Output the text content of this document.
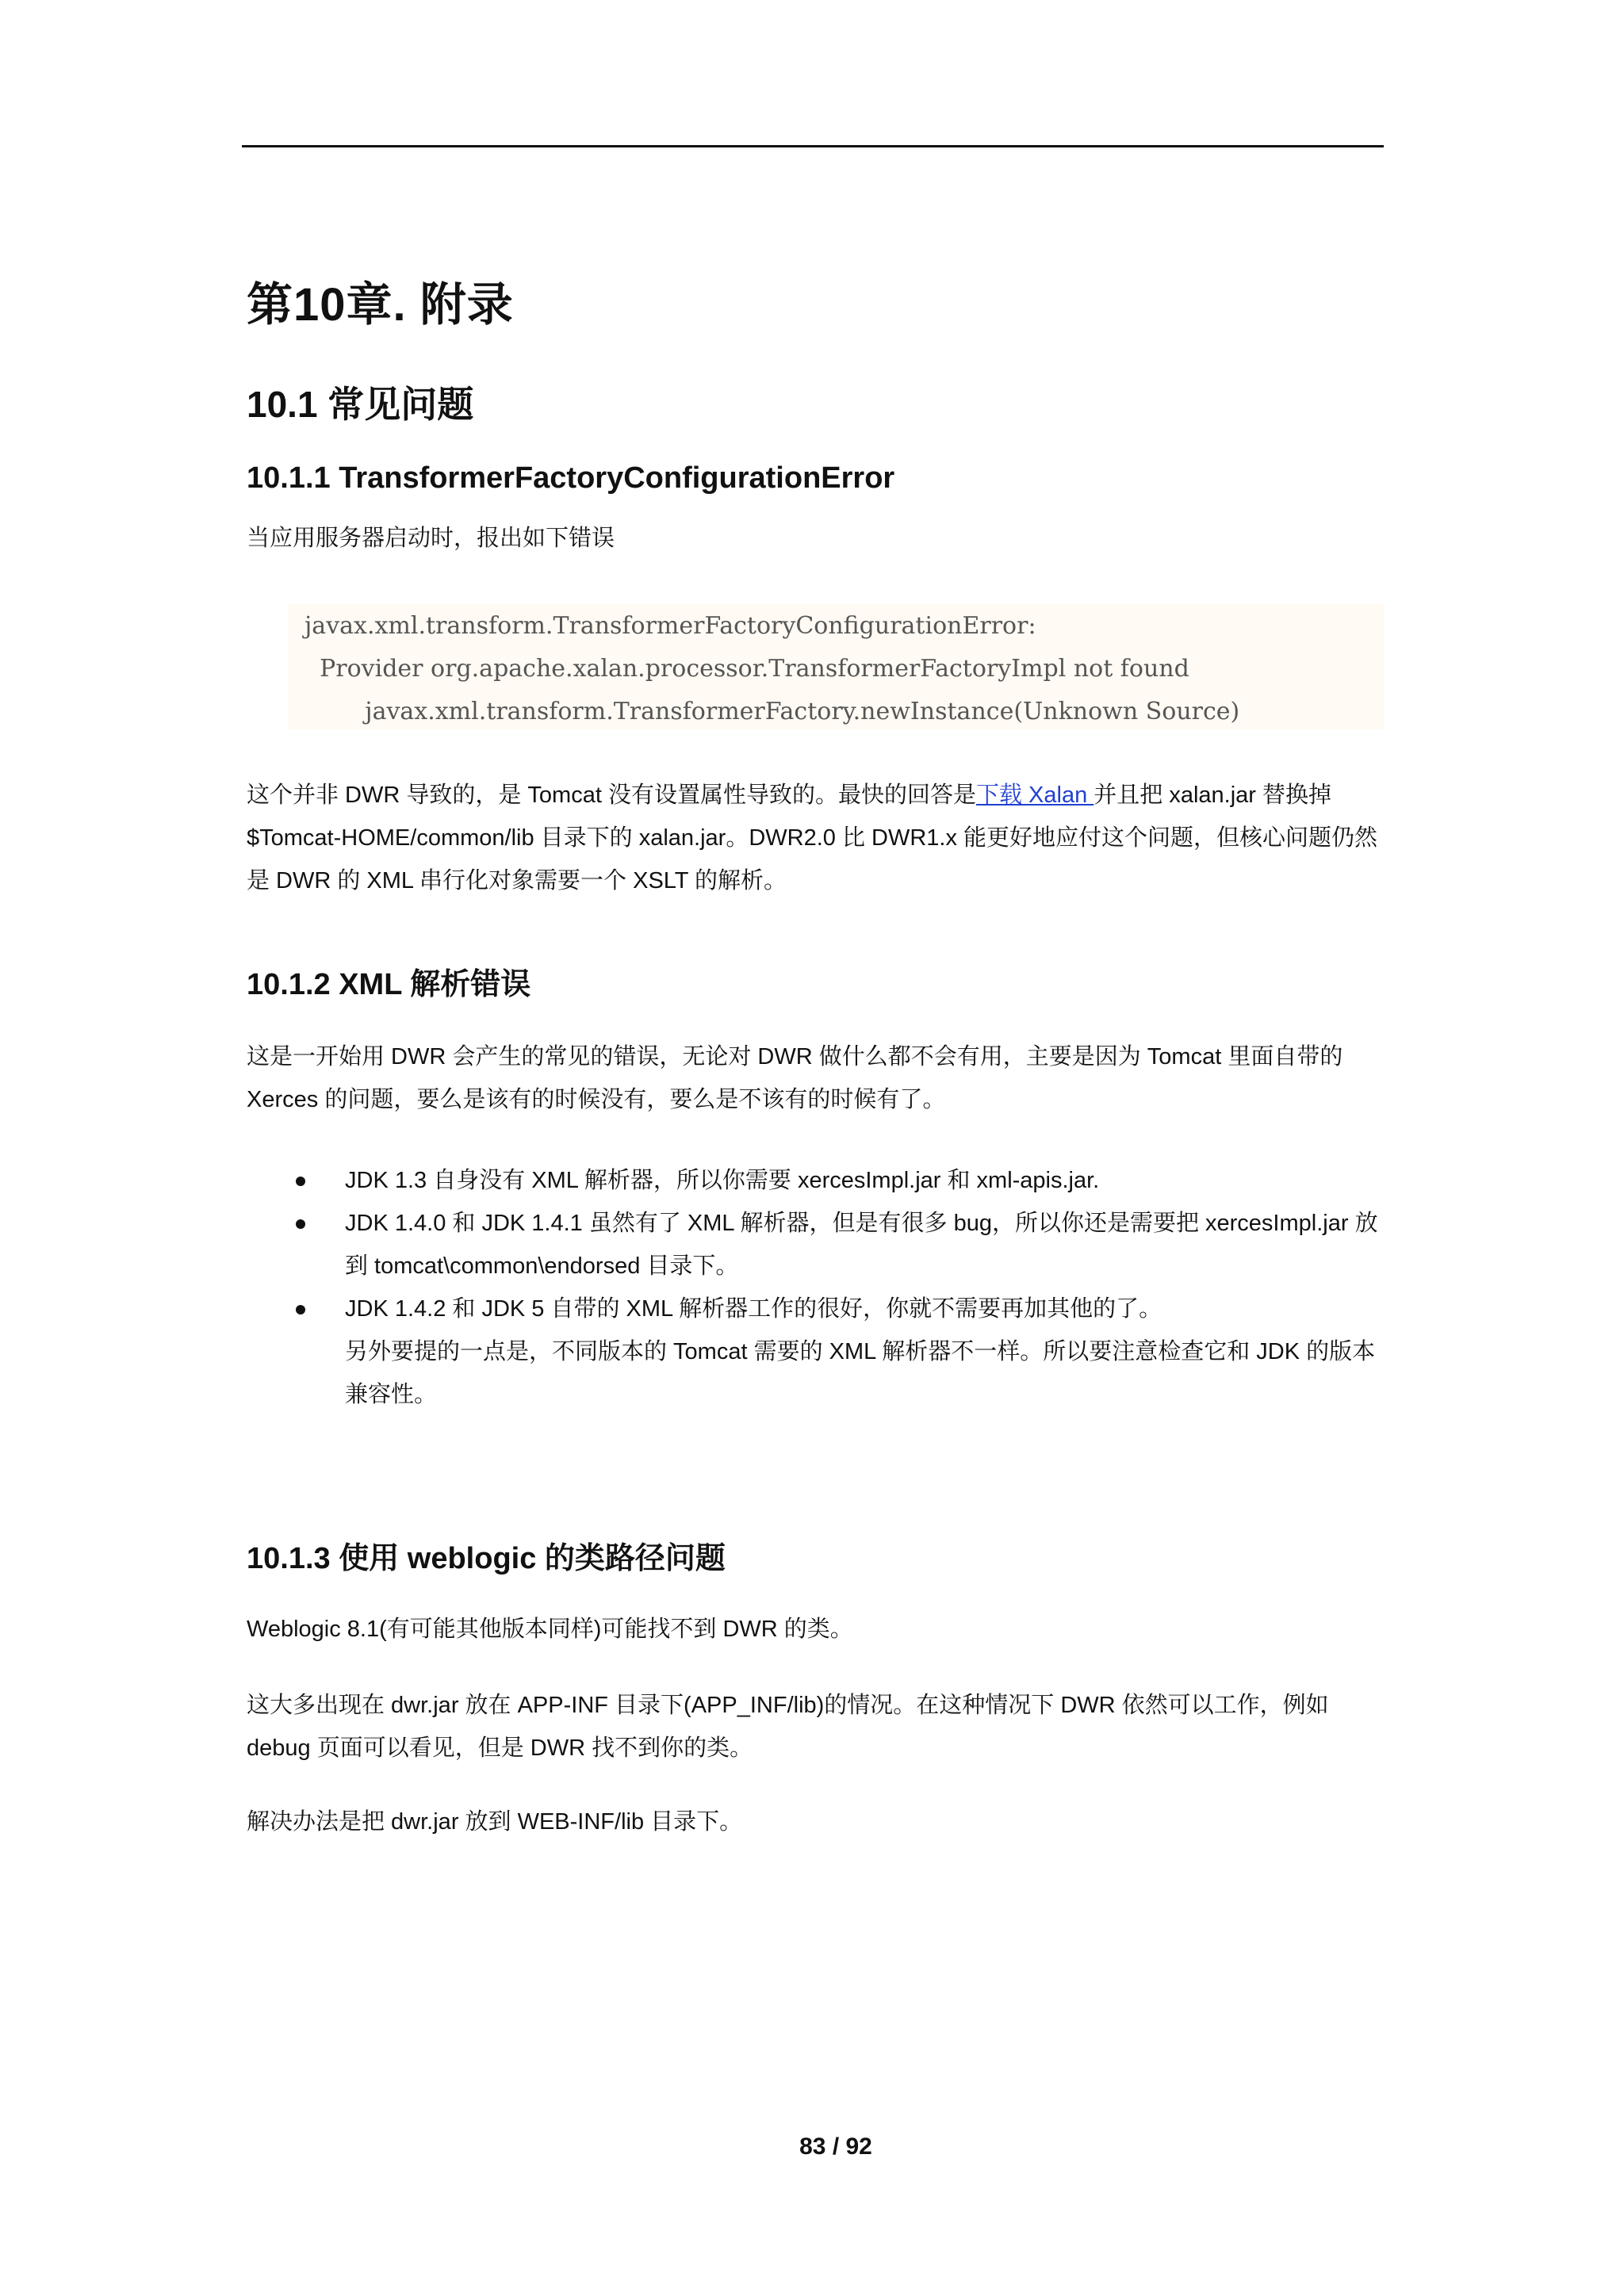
第10章. 附录
10.1 常见问题
10.1.1 TransformerFactoryConfigurationError

当应用服务器启动时，报出如下错误

javax.xml.transform.TransformerFactoryConfigurationError:
Provider org.apache.xalan.processor.TransformerFactoryImpl not found
javax.xml.transform.TransformerFactory.newInstance(Unknown Source)

这个并非 DWR 导致的，是 Tomcat 没有设置属性导致的。最快的回答是下载 Xalan 并且把 xalan.jar 替换掉 $Tomcat-HOME/common/lib 目录下的 xalan.jar。DWR2.0 比 DWR1.x 能更好地应付这个问题，但核心问题仍然是 DWR 的 XML 串行化对象需要一个 XSLT 的解析。

10.1.2 XML 解析错误

这是一开始用 DWR 会产生的常见的错误，无论对 DWR 做什么都不会有用，主要是因为 Tomcat 里面自带的 Xerces 的问题，要么是该有的时候没有，要么是不该有的时候有了。

JDK 1.3 自身没有 XML 解析器，所以你需要 xercesImpl.jar 和 xml-apis.jar.
JDK 1.4.0 和 JDK 1.4.1 虽然有了 XML 解析器，但是有很多 bug，所以你还是需要把 xercesImpl.jar 放到 tomcat\common\endorsed 目录下。
JDK 1.4.2 和 JDK 5 自带的 XML 解析器工作的很好，你就不需要再加其他的了。
另外要提的一点是，不同版本的 Tomcat 需要的 XML 解析器不一样。所以要注意检查它和 JDK 的版本兼容性。
10.1.3 使用 weblogic 的类路径问题

Weblogic 8.1(有可能其他版本同样)可能找不到 DWR 的类。

这大多出现在 dwr.jar 放在 APP-INF 目录下(APP_INF/lib)的情况。在这种情况下 DWR 依然可以工作，例如 debug 页面可以看见，但是 DWR 找不到你的类。

解决办法是把 dwr.jar 放到 WEB-INF/lib 目录下。

83 / 92
